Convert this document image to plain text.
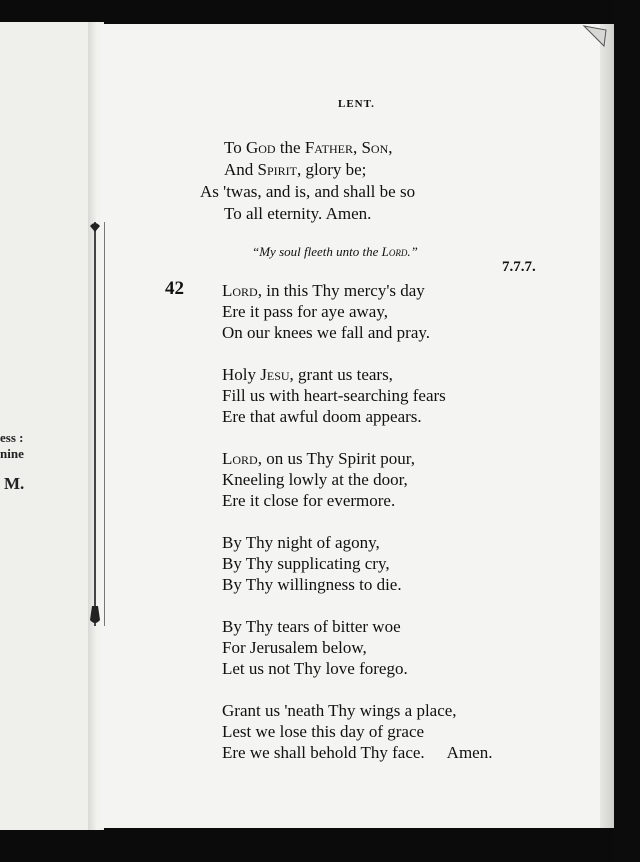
ess :
nine
M.
LENT.
To God the Father, Son,
And Spirit, glory be;
As 'twas, and is, and shall be so
To all eternity. Amen.
“My soul fleeth unto the Lord.”
7.7.7.
42 Lord, in this Thy mercy's day
Ere it pass for aye away,
On our knees we fall and pray.
Holy Jesu, grant us tears,
Fill us with heart-searching fears
Ere that awful doom appears.
Lord, on us Thy Spirit pour,
Kneeling lowly at the door,
Ere it close for evermore.
By Thy night of agony,
By Thy supplicating cry,
By Thy willingness to die.
By Thy tears of bitter woe
For Jerusalem below,
Let us not Thy love forego.
Grant us 'neath Thy wings a place,
Lest we lose this day of grace
Ere we shall behold Thy face. Amen.
